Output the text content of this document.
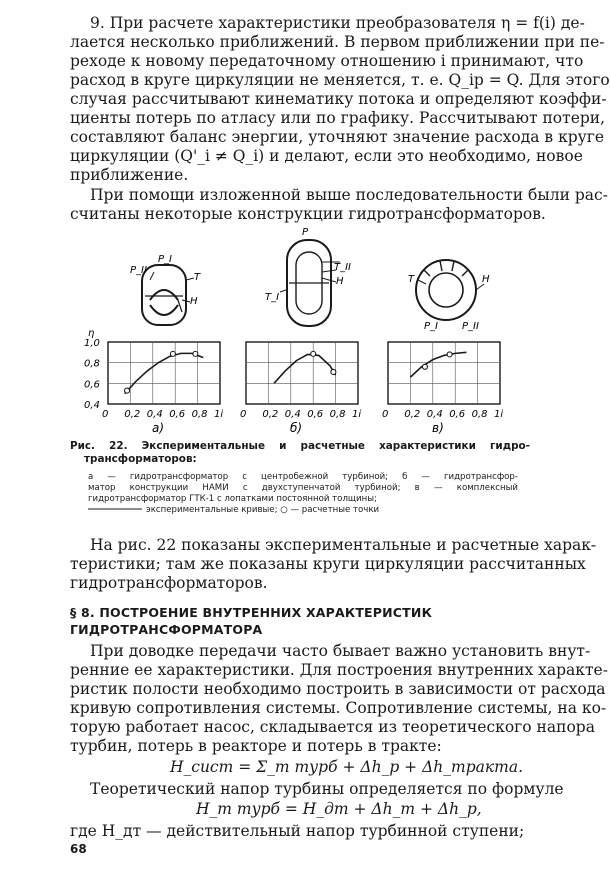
9. При расчете характеристики преобразователя η = f(i) де-
лается несколько приближений. В первом приближении при пе-
реходе к новому передаточному отношению i принимают, что
расход в круге циркуляции не меняется, т. е. Q_iр = Q. Для этого
случая рассчитывают кинематику потока и определяют коэффи-
циенты потерь по атласу или по графику. Рассчитывают потери,
составляют баланс энергии, уточняют значение расхода в круге
циркуляции (Q'_i ≠ Q_i) и делают, если это необходимо, новое
приближение.
При помощи изложенной выше последовательности были рас-
считаны некоторые конструкции гидротрансформаторов.
P_I
P_II
T
H
P
T_I
T_II
H	T	H
P_I P_II
0 0,2 0,4 0,6 0,8 1i
0,4
0,6
0,8
1,0
η
а)
0 0,2 0,4 0,6 0,8 1i
б)
0 0,2 0,4 0,6 0,8 1i
в)
Рис. 22. Экспериментальные и расчетные характеристики гидро-
трансформаторов:
а — гидротрансформатор с центробежной турбиной; б — гидротрансфор-
матор конструкции НАМИ с двухступенчатой турбиной; в — комплексный
гидротрансформатор ГТК-1 с лопатками постоянной толщины;
экспериментальные кривые; ○ — расчетные точки
На рис. 22 показаны экспериментальные и расчетные харак-
теристики; там же показаны круги циркуляции рассчитанных
гидротрансформаторов.
§ 8. ПОСТРОЕНИЕ ВНУТРЕННИХ ХАРАКТЕРИСТИК
ГИДРОТРАНСФОРМАТОРА
При доводке передачи часто бывает важно установить внут-
ренние ее характеристики. Для построения внутренних характе-
ристик полости необходимо построить в зависимости от расхода
кривую сопротивления системы. Сопротивление системы, на ко-
торую работает насос, складывается из теоретического напора
турбин, потерь в реакторе и потерь в тракте:
H_сист = Σ_т турб + Δh_р + Δh_тракта.
Теоретический напор турбины определяется по формуле
H_т турб = H_дт + Δh_т + Δh_р,
где H_дт — действительный напор турбинной ступени;
68
